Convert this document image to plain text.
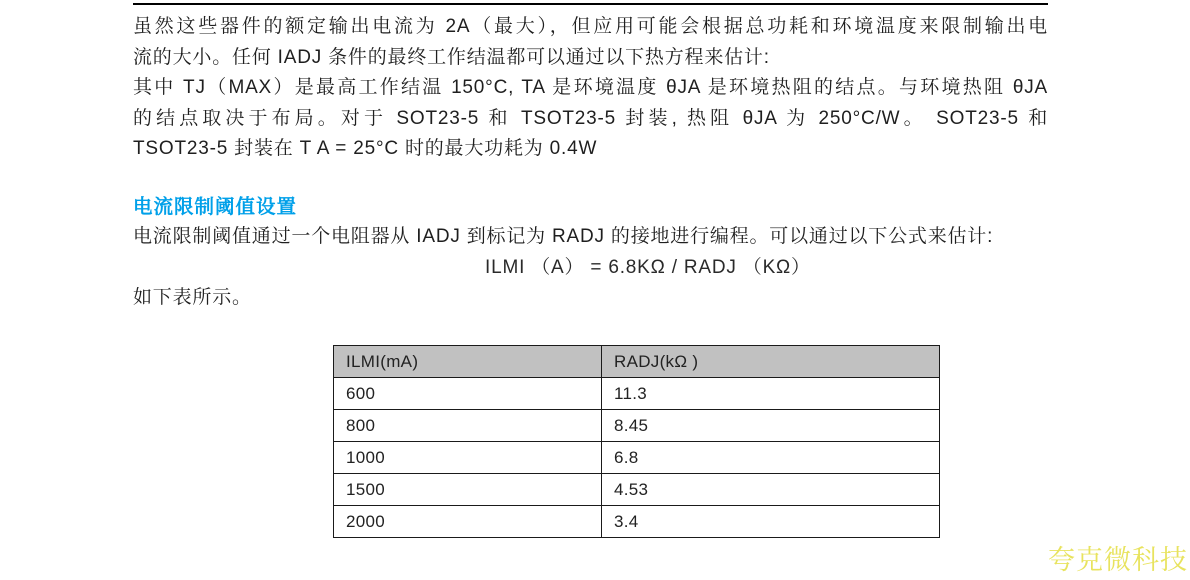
虽然这些器件的额定输出电流为 2A（最大），但应用可能会根据总功耗和环境温度来限制输出电
流的大小。任何 IADJ 条件的最终工作结温都可以通过以下热方程来估计:
其中 TJ（MAX）是最高工作结温 150°C, TA 是环境温度 θJA 是环境热阻的结点。与环境热阻 θJA
的结点取决于布局。对于 SOT23-5 和 TSOT23-5 封装, 热阻 θJA 为 250°C/W。 SOT23-5 和
TSOT23-5 封装在 T A = 25°C 时的最大功耗为 0.4W
电流限制阈值设置
电流限制阈值通过一个电阻器从 IADJ 到标记为 RADJ 的接地进行编程。可以通过以下公式来估计:
ILMI （A） = 6.8KΩ / RADJ （KΩ）
如下表所示。
ILMI(mA)	RADJ(kΩ )
600	11.3
800	8.45
1000	6.8
1500	4.53
2000	3.4
夸克微科技
